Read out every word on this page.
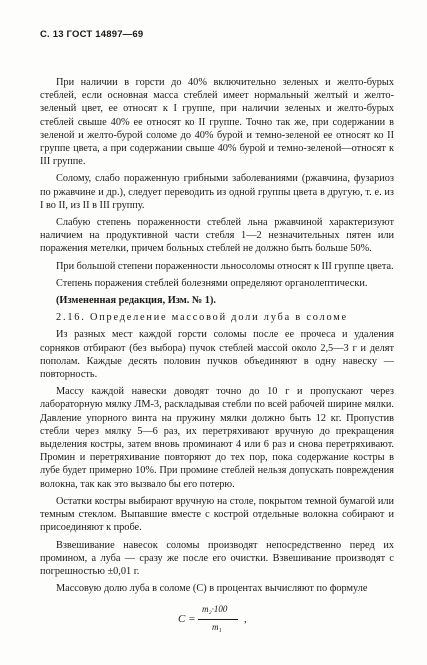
С. 13 ГОСТ 14897—69

При наличии в горсти до 40% включительно зеленых и желто-бурых стеблей, если основная масса стеблей имеет нормальный желтый и желто-зеленый цвет, ее относят к I группе, при наличии зеленых и желто-бурых стеблей свыше 40% ее относят ко II группе. Точно так же, при содержании в зеленой и желто-бурой соломе до 40% бурой и темно-зеленой ее относят ко II группе цвета, а при содержании свыше 40% бурой и темно-зеленой—относят к III группе.

Солому, слабо пораженную грибными заболеваниями (ржавчина, фузариоз по ржавчине и др.), следует переводить из одной группы цвета в другую, т. е. из I во II, из II в III группу.

Слабую степень пораженности стеблей льна ржавчиной характеризуют наличием на продуктивной части стебля 1—2 незначительных пятен или поражения метелки, причем больных стеблей не должно быть больше 50%.

При большой степени пораженности льносоломы относят к III группе цвета.

Степень поражения стеблей болезнями определяют органолептически.

(Измененная редакция, Изм. № 1).

2.16. Определение массовой доли луба в соломе

Из разных мест каждой горсти соломы после ее прочеса и удаления сорняков отбирают (без выбора) пучок стеблей массой около 2,5—3 г и делят пополам. Каждые десять половин пучков объединяют в одну навеску — повторность.

Массу каждой навески доводят точно до 10 г и пропускают через лабораторную мялку ЛМ-3, раскладывая стебли по всей рабочей ширине мялки. Давление упорного винта на пружину мялки должно быть 12 кг. Пропустив стебли через мялку 5—6 раз, их перетряхивают вручную до прекращения выделения костры, затем вновь проминают 4 или 6 раз и снова перетряхивают. Промин и перетряхивание повторяют до тех пор, пока содержание костры в лубе будет примерно 10%. При промине стеблей нельзя допускать повреждения волокна, так как это вызвало бы его потерю.

Остатки костры выбирают вручную на столе, покрытом темной бумагой или темным стеклом. Выпавшие вместе с кострой отдельные волокна собирают и присоединяют к пробе.

Взвешивание навесок соломы производят непосредственно перед их промином, а луба — сразу же после его очистки. Взвешивание производят с погрешностью ±0,01 г.

Массовую долю луба в соломе (C) в процентах вычисляют по формуле

C =
m₂·100
m₁
,
